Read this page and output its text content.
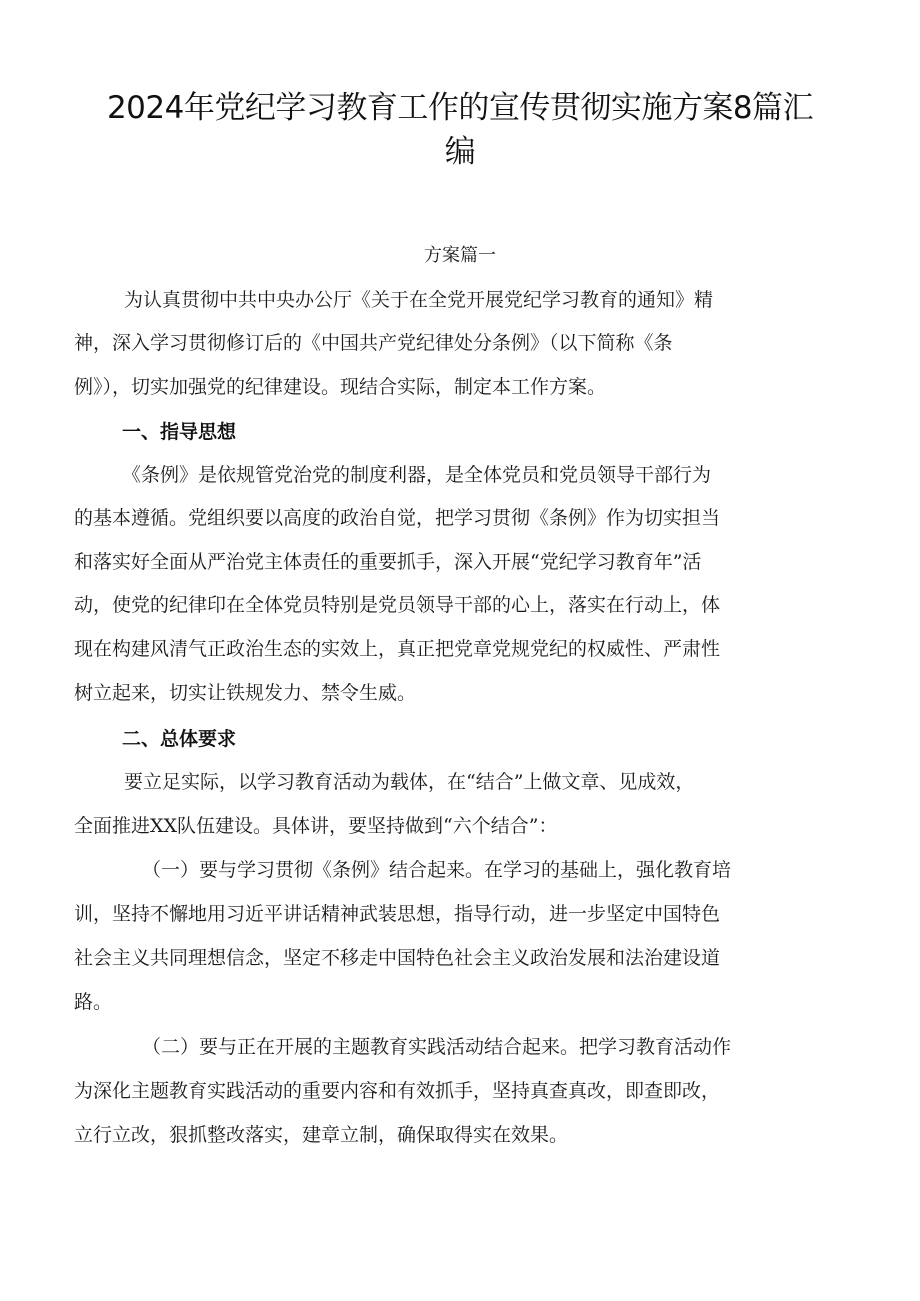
2024年党纪学习教育工作的宣传贯彻实施方案8篇汇
编
方案篇一
为认真贯彻中共中央办公厅《关于在全党开展党纪学习教育的通知》精
神，深入学习贯彻修订后的《中国共产党纪律处分条例》（以下简称《条
例》），切实加强党的纪律建设。现结合实际，制定本工作方案。
一、指导思想
《条例》是依规管党治党的制度利器，是全体党员和党员领导干部行为
的基本遵循。党组织要以高度的政治自觉，把学习贯彻《条例》作为切实担当
和落实好全面从严治党主体责任的重要抓手，深入开展“党纪学习教育年”活
动，使党的纪律印在全体党员特别是党员领导干部的心上，落实在行动上，体
现在构建风清气正政治生态的实效上，真正把党章党规党纪的权威性、严肃性
树立起来，切实让铁规发力、禁令生威。
二、总体要求
要立足实际，以学习教育活动为载体，在“结合”上做文章、见成效，
全面推进XX队伍建设。具体讲，要坚持做到“六个结合”：
（一）要与学习贯彻《条例》结合起来。在学习的基础上，强化教育培
训，坚持不懈地用习近平讲话精神武装思想，指导行动，进一步坚定中国特色
社会主义共同理想信念，坚定不移走中国特色社会主义政治发展和法治建设道
路。
（二）要与正在开展的主题教育实践活动结合起来。把学习教育活动作
为深化主题教育实践活动的重要内容和有效抓手，坚持真查真改，即查即改，
立行立改，狠抓整改落实，建章立制，确保取得实在效果。
